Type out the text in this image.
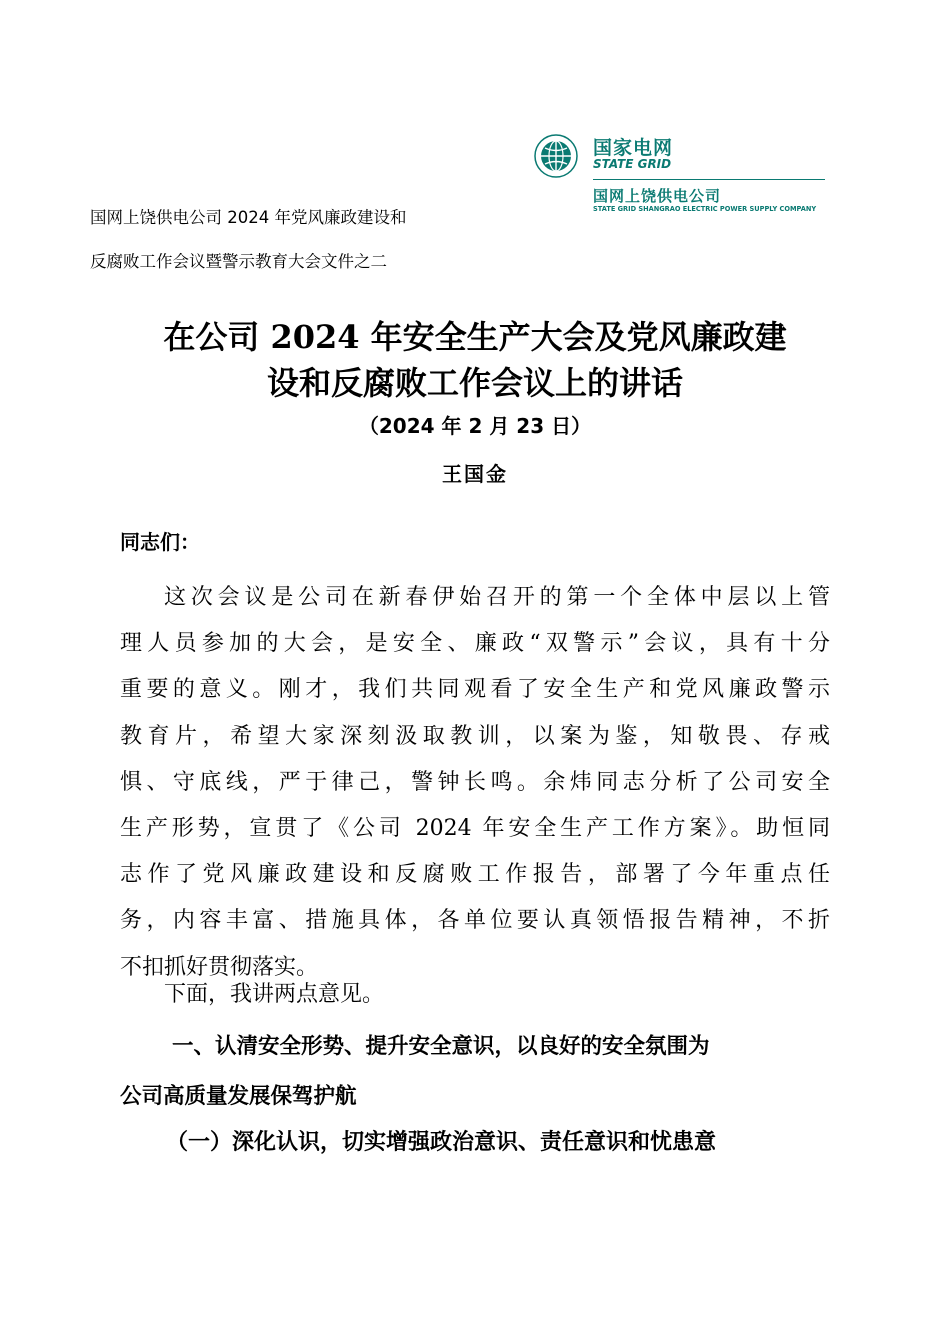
国网上饶供电公司 2024 年党风廉政建设和
反腐败工作会议暨警示教育大会文件之二
国家电网
STATE GRID
国网上饶供电公司
STATE GRID SHANGRAO ELECTRIC POWER SUPPLY COMPANY
在公司 2024 年安全生产大会及党风廉政建
设和反腐败工作会议上的讲话
（2024 年 2 月 23 日）
王国金
同志们：
这次会议是公司在新春伊始召开的第一个全体中层以上管
理人员参加的大会，是安全、廉政“双警示”会议，具有十分
重要的意义。刚才，我们共同观看了安全生产和党风廉政警示
教育片，希望大家深刻汲取教训，以案为鉴，知敬畏、存戒
惧、守底线，严于律己，警钟长鸣。余炜同志分析了公司安全
生产形势，宣贯了《公司 2024 年安全生产工作方案》。助恒同
志作了党风廉政建设和反腐败工作报告，部署了今年重点任
务，内容丰富、措施具体，各单位要认真领悟报告精神，不折
不扣抓好贯彻落实。
下面，我讲两点意见。
一、认清安全形势、提升安全意识，以良好的安全氛围为
公司高质量发展保驾护航
（一）深化认识，切实增强政治意识、责任意识和忧患意
